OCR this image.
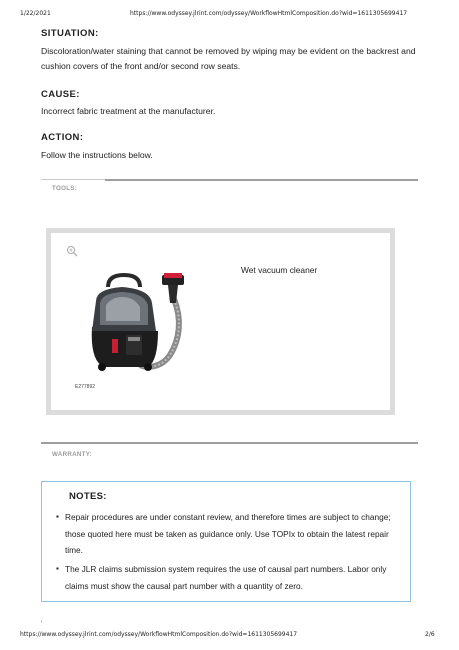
1/22/2021	https://www.odyssey.jlrint.com/odyssey/WorkflowHtmlComposition.do?wid=1611305699417
SITUATION:
Discoloration/water staining that cannot be removed by wiping may be evident on the backrest and cushion covers of the front and/or second row seats.
CAUSE:
Incorrect fabric treatment at the manufacturer.
ACTION:
Follow the instructions below.
TOOLS:
E277892
Wet vacuum cleaner
WARRANTY:
NOTES:
▪ Repair procedures are under constant review, and therefore times are subject to change; those quoted here must be taken as guidance only. Use TOPIx to obtain the latest repair time.
▪ The JLR claims submission system requires the use of causal part numbers. Labor only claims must show the causal part number with a quantity of zero.
https://www.odyssey.jlrint.com/odyssey/WorkflowHtmlComposition.do?wid=1611305699417	2/6
